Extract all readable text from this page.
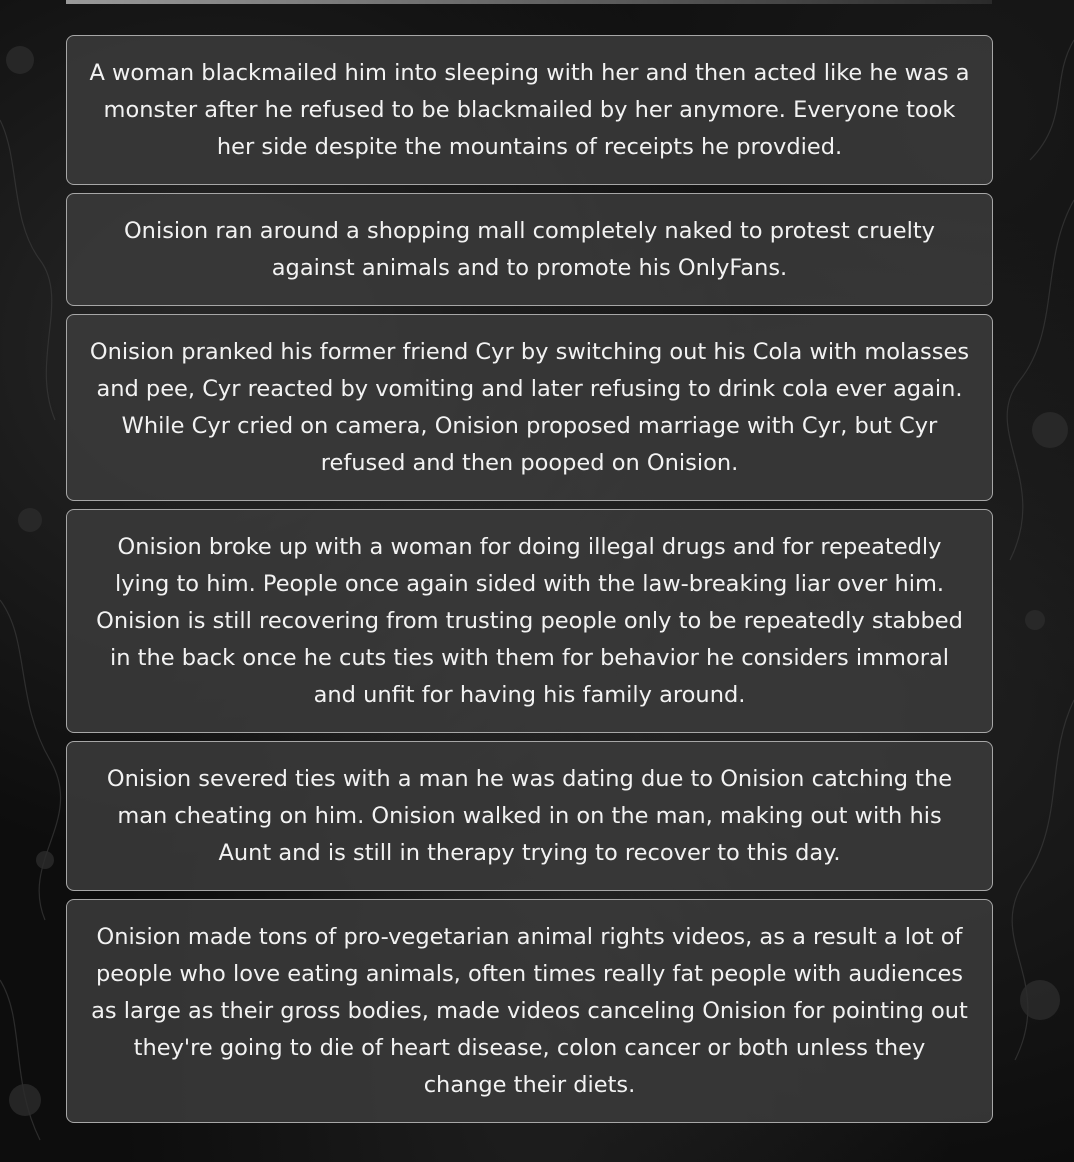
A woman blackmailed him into sleeping with her and then acted like he was a monster after he refused to be blackmailed by her anymore. Everyone took her side despite the mountains of receipts he provdied.

Onision ran around a shopping mall completely naked to protest cruelty against animals and to promote his OnlyFans.

Onision pranked his former friend Cyr by switching out his Cola with molasses and pee, Cyr reacted by vomiting and later refusing to drink cola ever again. While Cyr cried on camera, Onision proposed marriage with Cyr, but Cyr refused and then pooped on Onision.

Onision broke up with a woman for doing illegal drugs and for repeatedly lying to him. People once again sided with the law-breaking liar over him. Onision is still recovering from trusting people only to be repeatedly stabbed in the back once he cuts ties with them for behavior he considers immoral and unfit for having his family around.

Onision severed ties with a man he was dating due to Onision catching the man cheating on him. Onision walked in on the man, making out with his Aunt and is still in therapy trying to recover to this day.

Onision made tons of pro-vegetarian animal rights videos, as a result a lot of people who love eating animals, often times really fat people with audiences as large as their gross bodies, made videos canceling Onision for pointing out they're going to die of heart disease, colon cancer or both unless they change their diets.
